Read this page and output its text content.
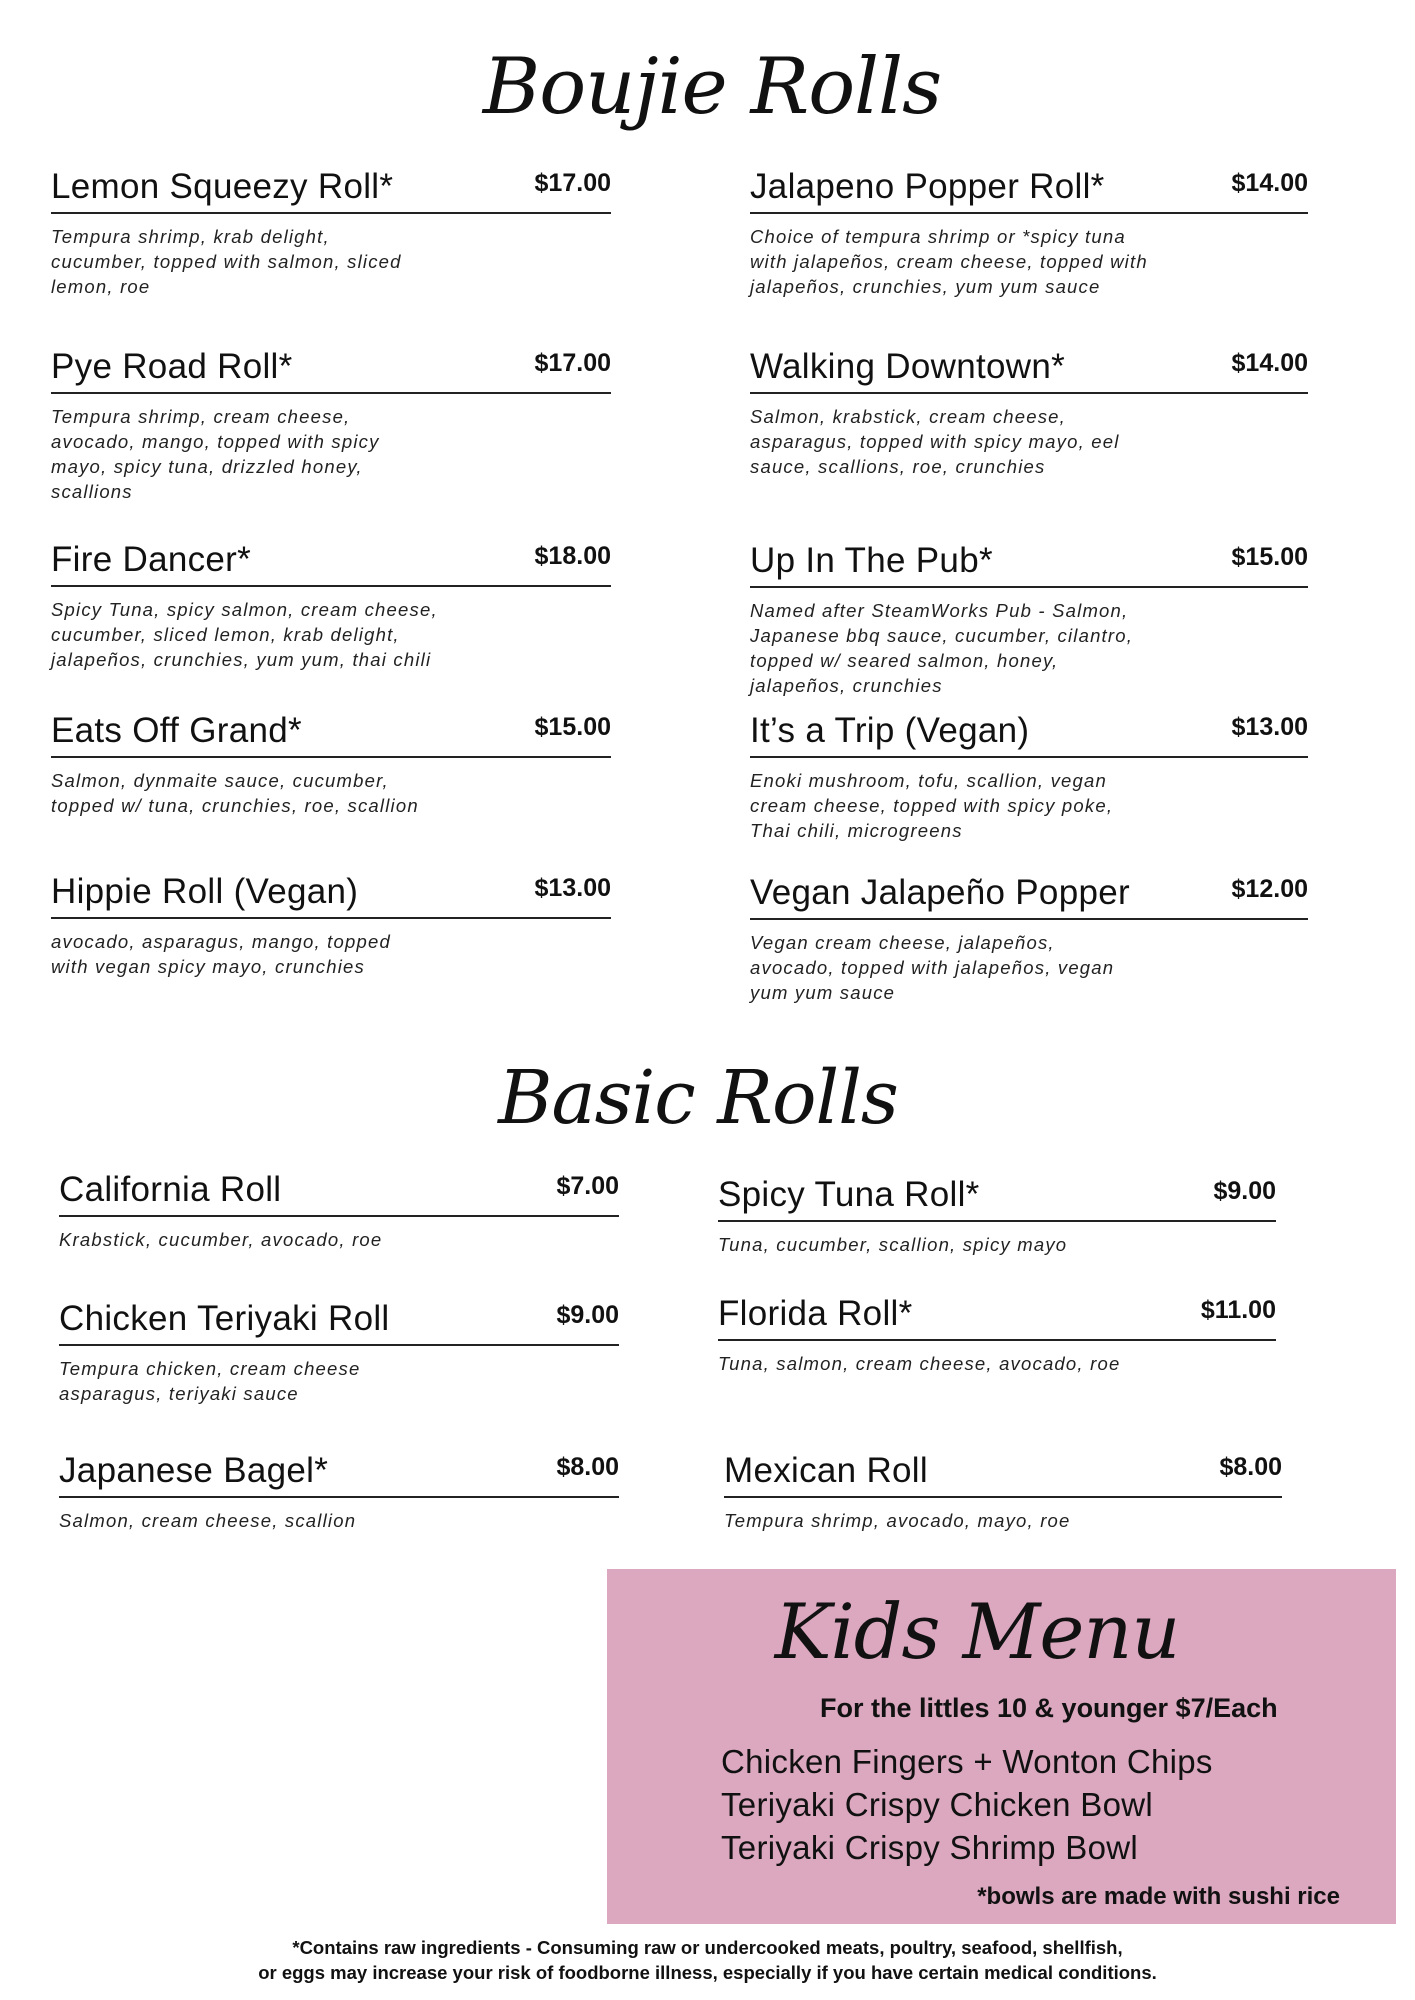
Boujie Rolls
Lemon Squeezy Roll*	$17.00
Tempura shrimp, krab delight,
cucumber, topped with salmon, sliced
lemon, roe
Pye Road Roll*	$17.00
Tempura shrimp, cream cheese,
avocado, mango, topped with spicy
mayo, spicy tuna, drizzled honey,
scallions
Fire Dancer*	$18.00
Spicy Tuna, spicy salmon, cream cheese,
cucumber, sliced lemon, krab delight,
jalapeños, crunchies, yum yum, thai chili
Eats Off Grand*	$15.00
Salmon, dynmaite sauce, cucumber,
topped w/ tuna, crunchies, roe, scallion
Hippie Roll (Vegan)	$13.00
avocado, asparagus, mango, topped
with vegan spicy mayo, crunchies
Jalapeno Popper Roll*	$14.00
Choice of tempura shrimp or *spicy tuna
with jalapeños, cream cheese, topped with
jalapeños, crunchies, yum yum sauce
Walking Downtown*	$14.00
Salmon, krabstick, cream cheese,
asparagus, topped with spicy mayo, eel
sauce, scallions, roe, crunchies
Up In The Pub*	$15.00
Named after SteamWorks Pub - Salmon,
Japanese bbq sauce, cucumber, cilantro,
topped w/ seared salmon, honey,
jalapeños, crunchies
It’s a Trip (Vegan)	$13.00
Enoki mushroom, tofu, scallion, vegan
cream cheese, topped with spicy poke,
Thai chili, microgreens
Vegan Jalapeño Popper	$12.00
Vegan cream cheese, jalapeños,
avocado, topped with jalapeños, vegan
yum yum sauce
Basic Rolls
California Roll	$7.00
Krabstick, cucumber, avocado, roe
Chicken Teriyaki Roll	$9.00
Tempura chicken, cream cheese
asparagus, teriyaki sauce
Japanese Bagel*	$8.00
Salmon, cream cheese, scallion
Spicy Tuna Roll*	$9.00
Tuna, cucumber, scallion, spicy mayo
Florida Roll*	$11.00
Tuna, salmon, cream cheese, avocado, roe
Mexican Roll	$8.00
Tempura shrimp, avocado, mayo, roe
Kids Menu
For the littles 10 & younger $7/Each
Chicken Fingers + Wonton Chips
Teriyaki Crispy Chicken Bowl
Teriyaki Crispy Shrimp Bowl
*bowls are made with sushi rice
*Contains raw ingredients - Consuming raw or undercooked meats, poultry, seafood, shellfish,
or eggs may increase your risk of foodborne illness, especially if you have certain medical conditions.
